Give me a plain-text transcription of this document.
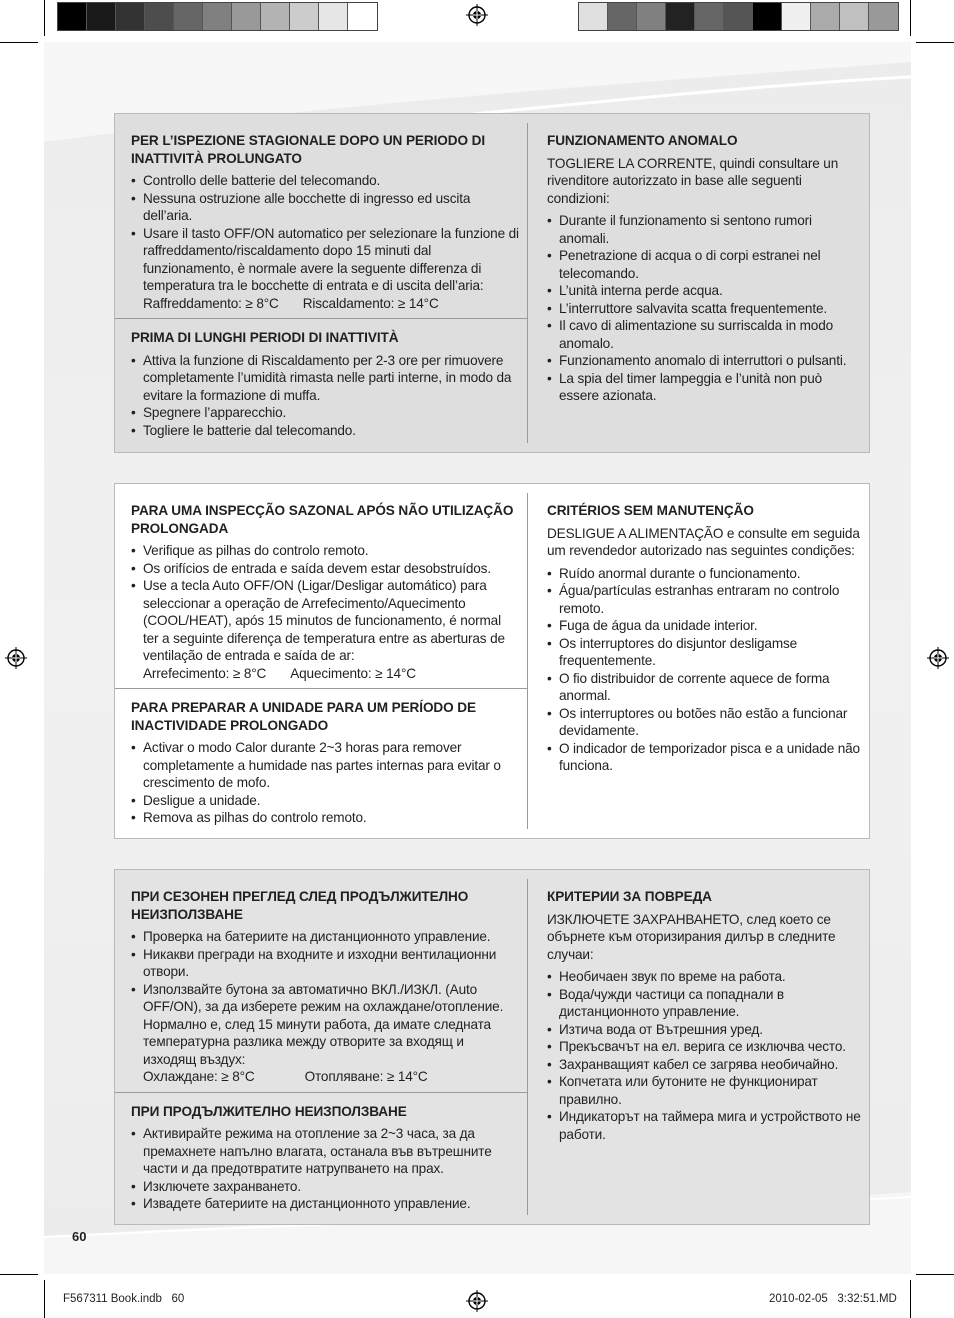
PER L’ISPEZIONE STAGIONALE DOPO UN PERIODO DI INATTIVITÀ PROLUNGATO
• Controllo delle batterie del telecomando.
• Nessuna ostruzione alle bocchette di ingresso ed uscita dell’aria.
• Usare il tasto OFF/ON automatico per selezionare la funzione di raffreddamento/riscaldamento dopo 15 minuti dal funzionamento, è normale avere la seguente differenza di temperatura tra le bocchette di entrata e di uscita dell’aria:
Raffreddamento: ≥ 8°C Riscaldamento: ≥ 14°C
PRIMA DI LUNGHI PERIODI DI INATTIVITÀ
• Attiva la funzione di Riscaldamento per 2-3 ore per rimuovere completamente l’umidità rimasta nelle parti interne, in modo da evitare la formazione di muffa.
• Spegnere l’apparecchio.
• Togliere le batterie dal telecomando.
FUNZIONAMENTO ANOMALO

TOGLIERE LA CORRENTE, quindi consultare un rivenditore autorizzato in base alle seguenti condizioni:

• Durante il funzionamento si sentono rumori anomali.
• Penetrazione di acqua o di corpi estranei nel telecomando.
• L’unità interna perde acqua.
• L’interruttore salvavita scatta frequentemente.
• Il cavo di alimentazione su surriscalda in modo anomalo.
• Funzionamento anomalo di interruttori o pulsanti.
• La spia del timer lampeggia e l’unità non può essere azionata.
PARA UMA INSPECÇÃO SAZONAL APÓS NÃO UTILIZAÇÃO PROLONGADA
• Verifique as pilhas do controlo remoto.
• Os orifícios de entrada e saída devem estar desobstruídos.
• Use a tecla Auto OFF/ON (Ligar/Desligar automático) para seleccionar a operação de Arrefecimento/Aquecimento (COOL/HEAT), após 15 minutos de funcionamento, é normal ter a seguinte diferença de temperatura entre as aberturas de ventilação de entrada e saída de ar:
Arrefecimento: ≥ 8°C Aquecimento: ≥ 14°C
PARA PREPARAR A UNIDADE PARA UM PERÍODO DE INACTIVIDADE PROLONGADO
• Activar o modo Calor durante 2~3 horas para remover completamente a humidade nas partes internas para evitar o crescimento de mofo.
• Desligue a unidade.
• Remova as pilhas do controlo remoto.
CRITÉRIOS SEM MANUTENÇÃO

DESLIGUE A ALIMENTAÇÃO e consulte em seguida um revendedor autorizado nas seguintes condições:

• Ruído anormal durante o funcionamento.
• Água/partículas estranhas entraram no controlo remoto.
• Fuga de água da unidade interior.
• Os interruptores do disjuntor desligamse frequentemente.
• O fio distribuidor de corrente aquece de forma anormal.
• Os interruptores ou botões não estão a funcionar devidamente.
• O indicador de temporizador pisca e a unidade não funciona.
ПРИ СЕЗОНЕН ПРЕГЛЕД СЛЕД ПРОДЪЛЖИТЕЛНО НЕИЗПОЛЗВАНЕ
• Проверка на батериите на дистанционното управление.
• Никакви прегради на входните и изходни вентилационни отвори.
• Използвайте бутона за автоматично ВКЛ./ИЗКЛ. (Auto OFF/ON), за да изберете режим на охлаждане/отопление. Нормално е, след 15 минути работа, да имате следната температурна разлика между отворите за входящ и изходящ въздух:
Охлаждане: ≥ 8°C	Отопляване: ≥ 14°C
ПРИ ПРОДЪЛЖИТЕЛНО НЕИЗПОЛЗВАНЕ
• Активирайте режима на отопление за 2~3 часа, за да премахнете напълно влагата, останала във вътрешните части и да предотвратите натрупването на прах.
• Изключете захранването.
• Извадете батериите на дистанционното управление.
КРИТЕРИИ ЗА ПОВРЕДА

ИЗКЛЮЧЕТЕ ЗАХРАНВАНЕТО, след което се обърнете към оторизирания дилър в следните случаи:

• Необичаен звук по време на работа.
• Вода/чужди частици са попаднали в дистанционното управление.
• Изтича вода от Вътрешния уред.
• Прекъсвачът на ел. верига се изключва често.
• Захранващият кабел се загрява необичайно.
• Копчетата или бутоните не функционират правилно.
• Индикаторът на таймера мига и устройството не работи.
60
F567311 Book.indb   60	2010-02-05   3:32:51.MD
